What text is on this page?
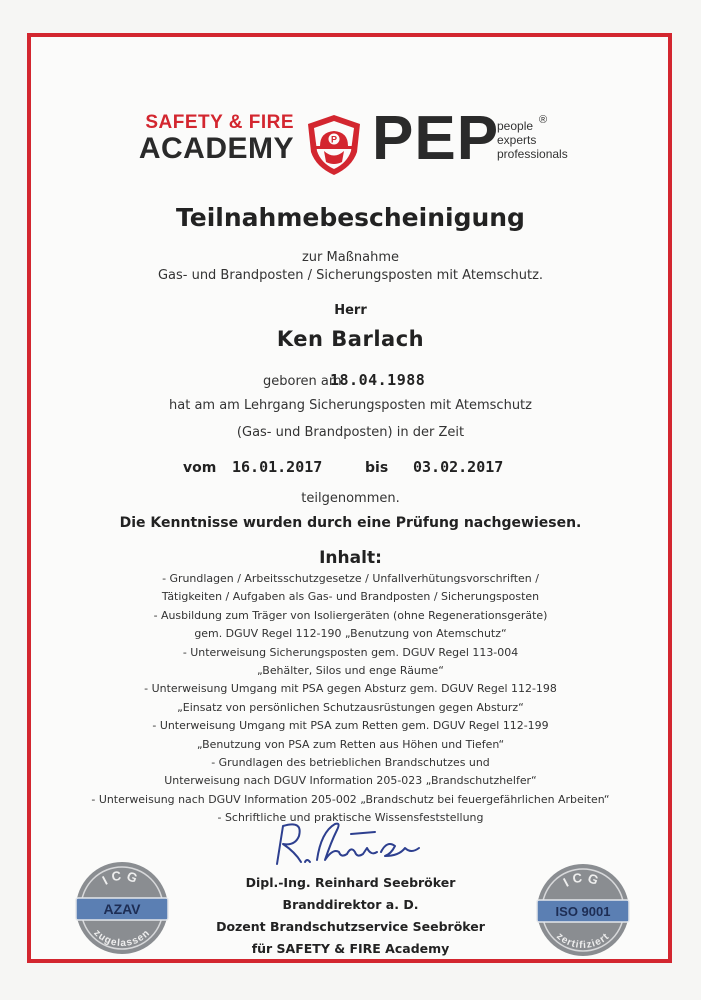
SAFETY & FIRE
ACADEMY	P PEP
people
experts
professionals
®
Teilnahmebescheinigung
zur Maßnahme
Gas- und Brandposten / Sicherungsposten mit Atemschutz.
Herr
Ken Barlach
geboren am
18.04.1988
hat am am Lehrgang Sicherungsposten mit Atemschutz
(Gas- und Brandposten) in der Zeit
vom 16.01.2017	bis 03.02.2017
teilgenommen.
Die Kenntnisse wurden durch eine Prüfung nachgewiesen.
Inhalt:
- Grundlagen / Arbeitsschutzgesetze / Unfallverhütungsvorschriften /
Tätigkeiten / Aufgaben als Gas- und Brandposten / Sicherungsposten
- Ausbildung zum Träger von Isoliergeräten (ohne Regenerationsgeräte)
gem. DGUV Regel 112-190 „Benutzung von Atemschutz“
- Unterweisung Sicherungsposten gem. DGUV Regel 113-004
„Behälter, Silos und enge Räume“
- Unterweisung Umgang mit PSA gegen Absturz gem. DGUV Regel 112-198
„Einsatz von persönlichen Schutzausrüstungen gegen Absturz“
- Unterweisung Umgang mit PSA zum Retten gem. DGUV Regel 112-199
„Benutzung von PSA zum Retten aus Höhen und Tiefen“
- Grundlagen des betrieblichen Brandschutzes und
Unterweisung nach DGUV Information 205-023 „Brandschutzhelfer“
- Unterweisung nach DGUV Information 205-002 „Brandschutz bei feuergefährlichen Arbeiten“
- Schriftliche und praktische Wissensfeststellung
Dipl.-Ing. Reinhard Seebröker
Branddirektor a. D.
Dozent Brandschutzservice Seebröker
für SAFETY & FIRE Academy
ICG
AZAV
zugelassen
ICG
ISO 9001
zertifiziert
